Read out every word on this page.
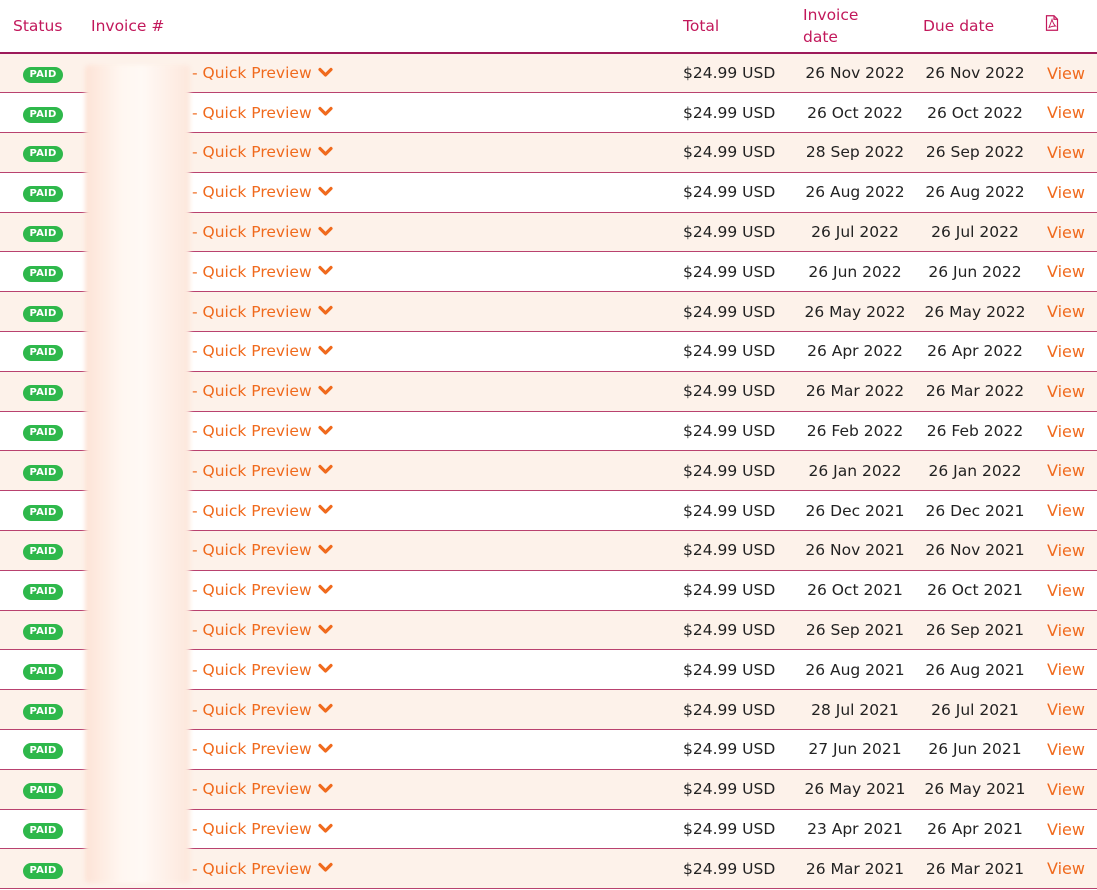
Status	Invoice #	Total	Invoice date	Due date	
PAID	- Quick Preview	$24.99 USD	26 Nov 2022	26 Nov 2022	View
PAID	- Quick Preview	$24.99 USD	26 Oct 2022	26 Oct 2022	View
PAID	- Quick Preview	$24.99 USD	28 Sep 2022	26 Sep 2022	View
PAID	- Quick Preview	$24.99 USD	26 Aug 2022	26 Aug 2022	View
PAID	- Quick Preview	$24.99 USD	26 Jul 2022	26 Jul 2022	View
PAID	- Quick Preview	$24.99 USD	26 Jun 2022	26 Jun 2022	View
PAID	- Quick Preview	$24.99 USD	26 May 2022	26 May 2022	View
PAID	- Quick Preview	$24.99 USD	26 Apr 2022	26 Apr 2022	View
PAID	- Quick Preview	$24.99 USD	26 Mar 2022	26 Mar 2022	View
PAID	- Quick Preview	$24.99 USD	26 Feb 2022	26 Feb 2022	View
PAID	- Quick Preview	$24.99 USD	26 Jan 2022	26 Jan 2022	View
PAID	- Quick Preview	$24.99 USD	26 Dec 2021	26 Dec 2021	View
PAID	- Quick Preview	$24.99 USD	26 Nov 2021	26 Nov 2021	View
PAID	- Quick Preview	$24.99 USD	26 Oct 2021	26 Oct 2021	View
PAID	- Quick Preview	$24.99 USD	26 Sep 2021	26 Sep 2021	View
PAID	- Quick Preview	$24.99 USD	26 Aug 2021	26 Aug 2021	View
PAID	- Quick Preview	$24.99 USD	28 Jul 2021	26 Jul 2021	View
PAID	- Quick Preview	$24.99 USD	27 Jun 2021	26 Jun 2021	View
PAID	- Quick Preview	$24.99 USD	26 May 2021	26 May 2021	View
PAID	- Quick Preview	$24.99 USD	23 Apr 2021	26 Apr 2021	View
PAID	- Quick Preview	$24.99 USD	26 Mar 2021	26 Mar 2021	View
